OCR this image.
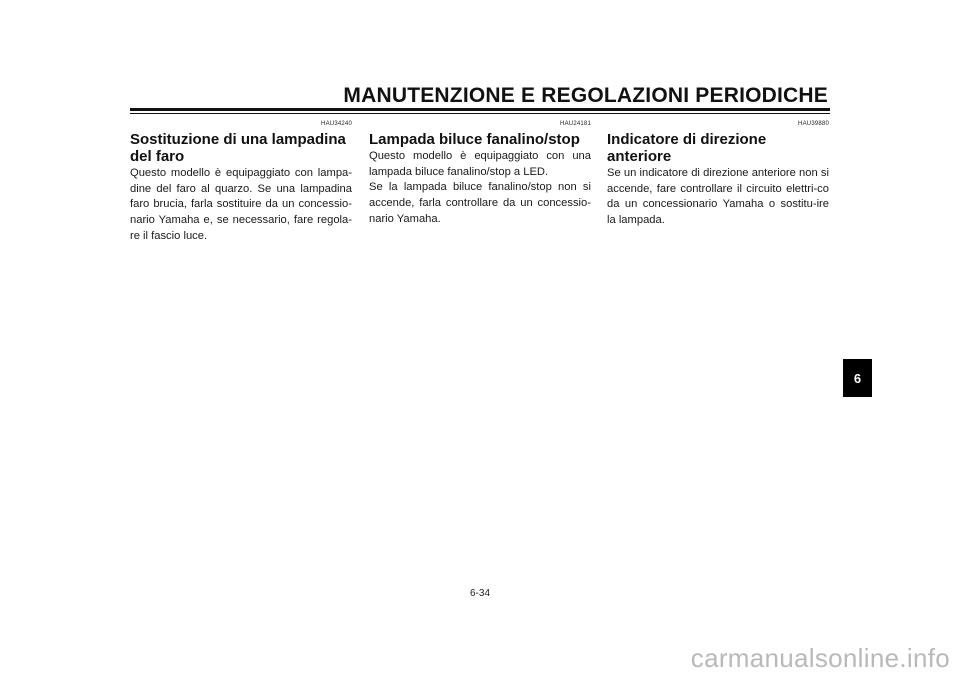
MANUTENZIONE E REGOLAZIONI PERIODICHE
HAU34240
Sostituzione di una lampadina del faro

Questo modello è equipaggiato con lampa-dine del faro al quarzo. Se una lampadina faro brucia, farla sostituire da un concessio-nario Yamaha e, se necessario, fare regola-re il fascio luce.

HAU24181
Lampada biluce fanalino/stop

Questo modello è equipaggiato con una lampada biluce fanalino/stop a LED.

Se la lampada biluce fanalino/stop non si accende, farla controllare da un concessio-nario Yamaha.

HAU39880
Indicatore di direzione anteriore

Se un indicatore di direzione anteriore non si accende, fare controllare il circuito elettri-co da un concessionario Yamaha o sostitu-ire la lampada.

6
6-34
carmanualsonline.info
